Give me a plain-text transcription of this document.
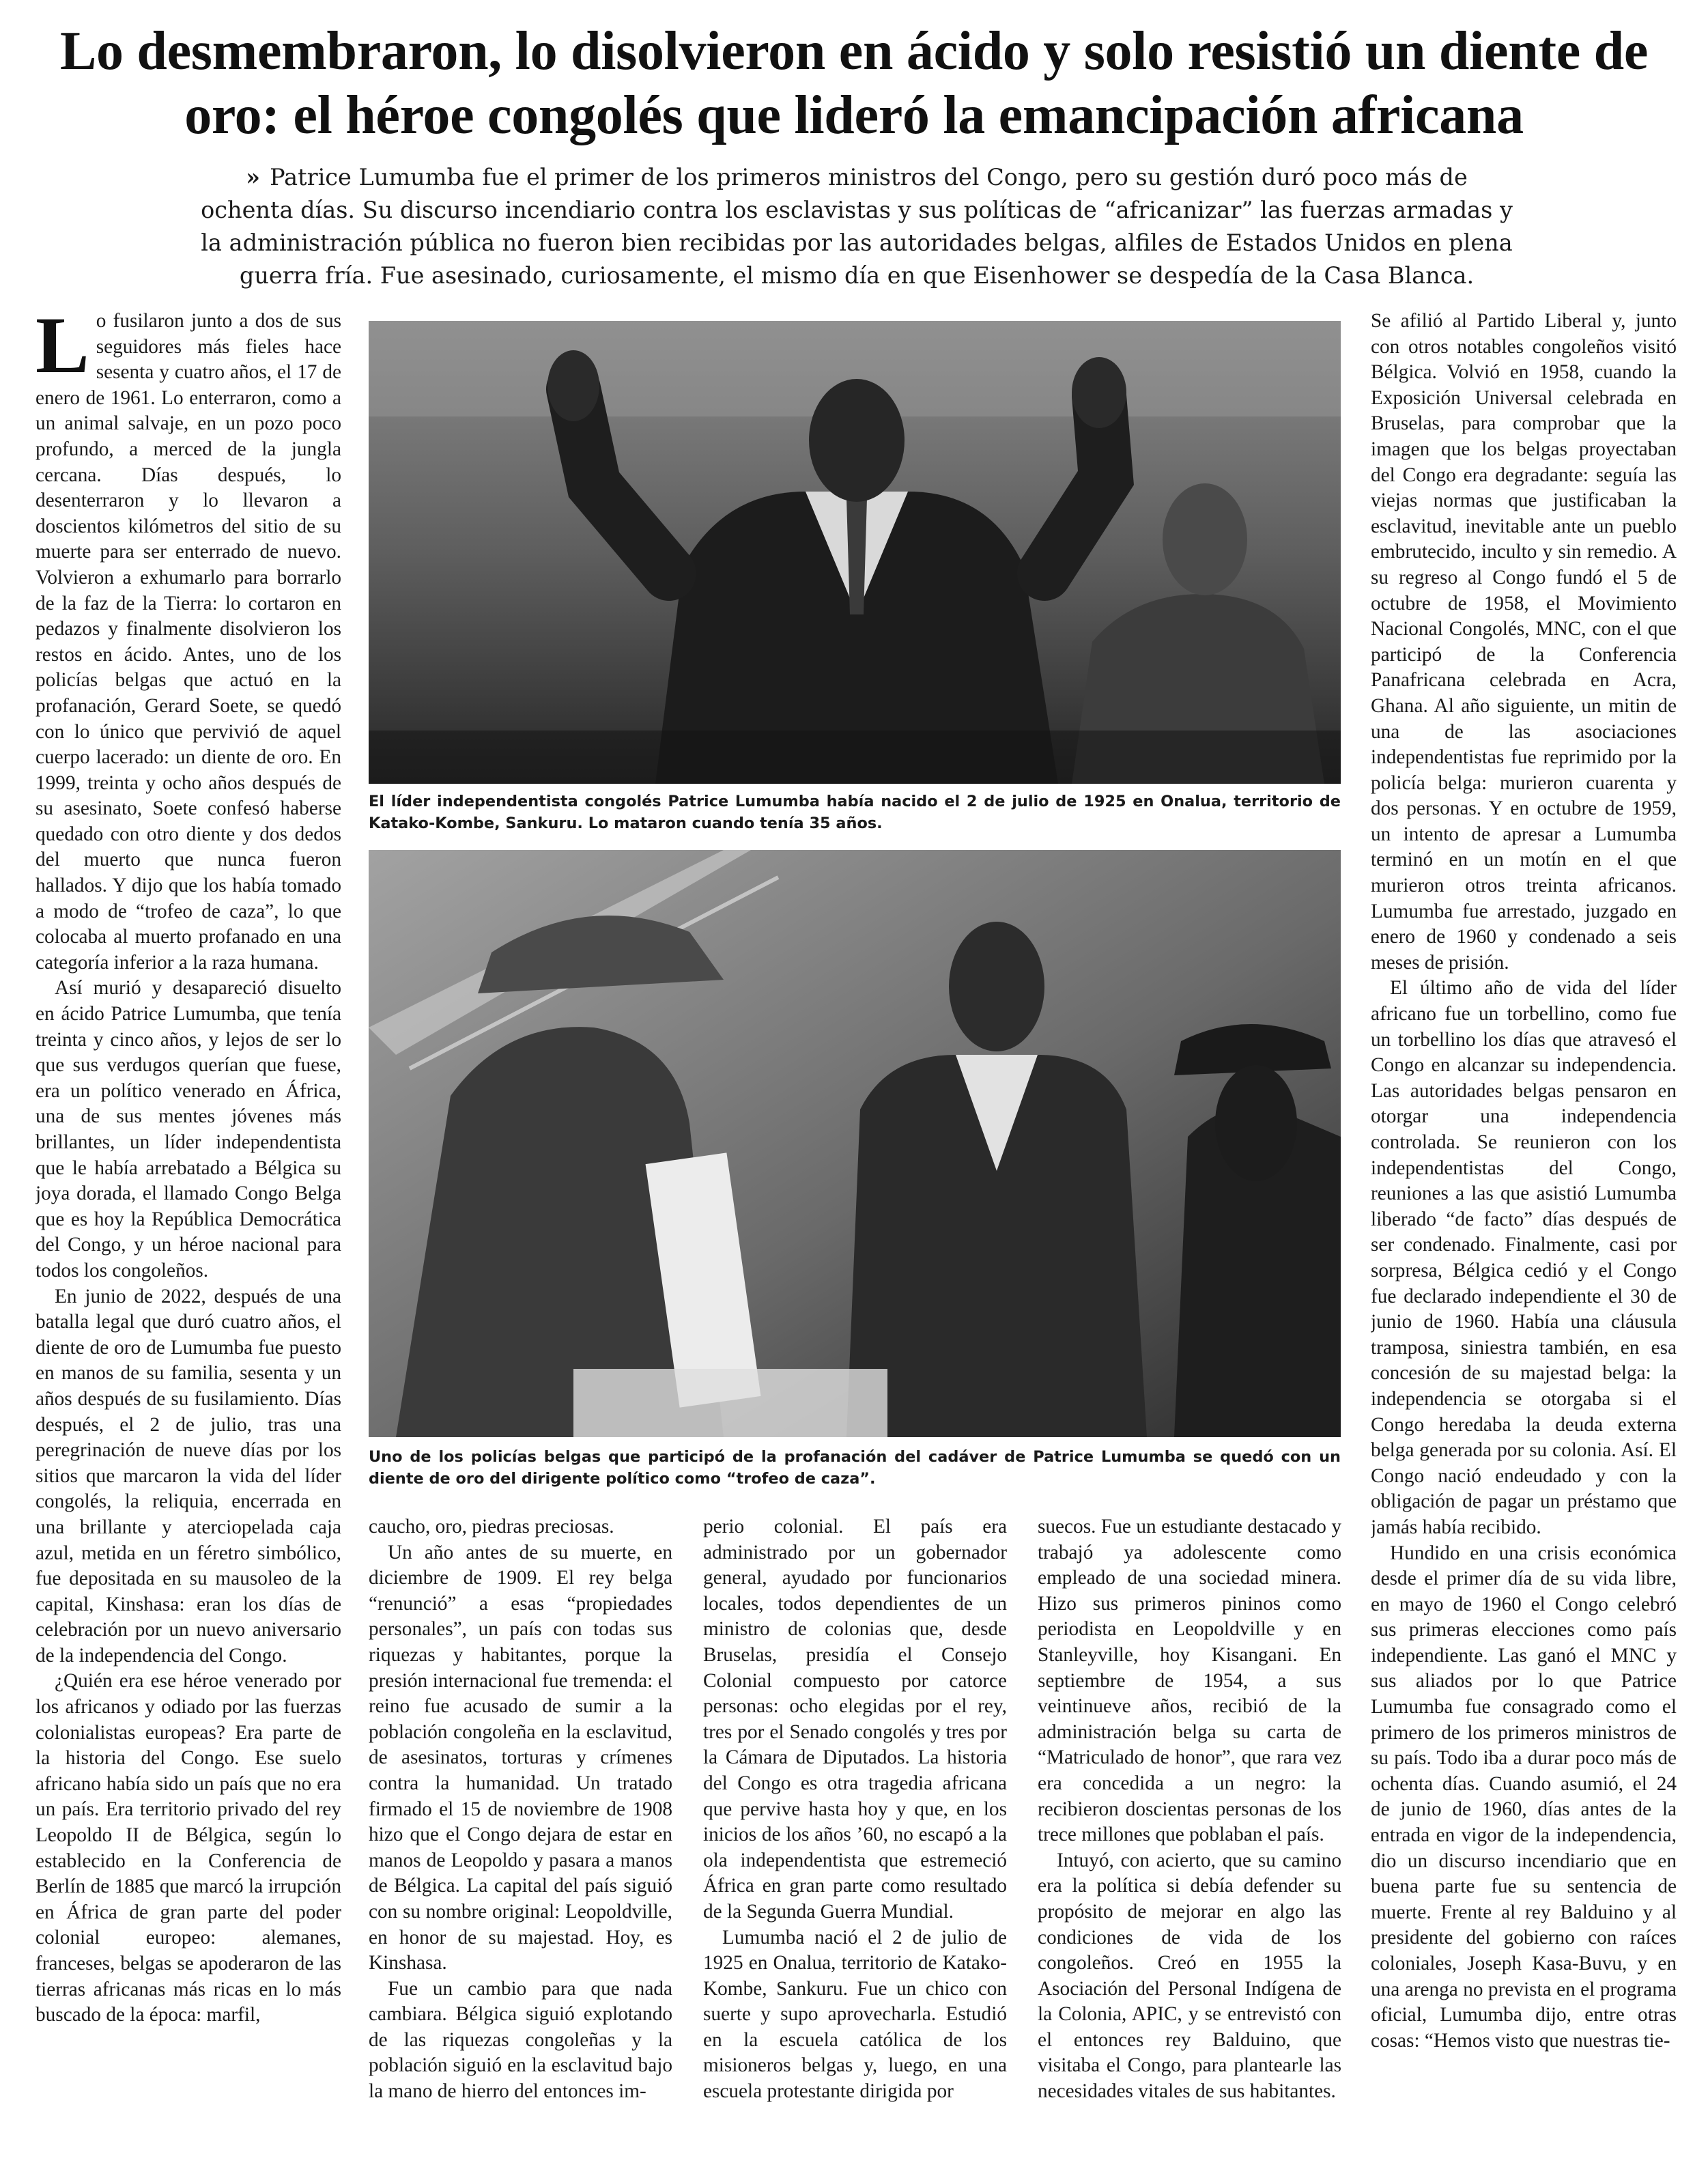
Lo desmembraron, lo disolvieron en ácido y solo resistió un diente de oro: el héroe congolés que lideró la emancipación africana

» Patrice Lumumba fue el primer de los primeros ministros del Congo, pero su gestión duró poco más de ochenta días. Su discurso incendiario contra los esclavistas y sus políticas de “africanizar” las fuerzas armadas y la administración pública no fueron bien recibidas por las autoridades belgas, alfiles de Estados Unidos en plena guerra fría. Fue asesinado, curiosamente, el mismo día en que Eisenhower se despedía de la Casa Blanca.

Lo fusilaron junto a dos de sus seguidores más fieles hace sesenta y cuatro años, el 17 de enero de 1961. Lo enterraron, como a un animal salvaje, en un pozo poco profundo, a merced de la jungla cercana. Días después, lo desenterraron y lo llevaron a doscientos kilómetros del sitio de su muerte para ser enterrado de nuevo. Volvieron a exhumarlo para borrarlo de la faz de la Tierra: lo cortaron en pedazos y finalmente disolvieron los restos en ácido. Antes, uno de los policías belgas que actuó en la profanación, Gerard Soete, se quedó con lo único que pervivió de aquel cuerpo lacerado: un diente de oro. En 1999, treinta y ocho años después de su asesinato, Soete confesó haberse quedado con otro diente y dos dedos del muerto que nunca fueron hallados. Y dijo que los había tomado a modo de “trofeo de caza”, lo que colocaba al muerto profanado en una categoría inferior a la raza humana.

Así murió y desapareció disuelto en ácido Patrice Lumumba, que tenía treinta y cinco años, y lejos de ser lo que sus verdugos querían que fuese, era un político venerado en África, una de sus mentes jóvenes más brillantes, un líder independentista que le había arrebatado a Bélgica su joya dorada, el llamado Congo Belga que es hoy la República Democrática del Congo, y un héroe nacional para todos los congoleños.

En junio de 2022, después de una batalla legal que duró cuatro años, el diente de oro de Lumumba fue puesto en manos de su familia, sesenta y un años después de su fusilamiento. Días después, el 2 de julio, tras una peregrinación de nueve días por los sitios que marcaron la vida del líder congolés, la reliquia, encerrada en una brillante y aterciopelada caja azul, metida en un féretro simbólico, fue depositada en su mausoleo de la capital, Kinshasa: eran los días de celebración por un nuevo aniversario de la independencia del Congo.

¿Quién era ese héroe venerado por los africanos y odiado por las fuerzas colonialistas europeas? Era parte de la historia del Congo. Ese suelo africano había sido un país que no era un país. Era territorio privado del rey Leopoldo II de Bélgica, según lo establecido en la Conferencia de Berlín de 1885 que marcó la irrupción en África de gran parte del poder colonial europeo: alemanes, franceses, belgas se apoderaron de las tierras africanas más ricas en lo más buscado de la época: marfil,

El líder independentista congolés Patrice Lumumba había nacido el 2 de julio de 1925 en Onalua, territorio de Katako-Kombe, Sankuru. Lo mataron cuando tenía 35 años.

Uno de los policías belgas que participó de la profanación del cadáver de Patrice Lumumba se quedó con un diente de oro del dirigente político como “trofeo de caza”.

caucho, oro, piedras preciosas.

Un año antes de su muerte, en diciembre de 1909. El rey belga “renunció” a esas “propiedades personales”, un país con todas sus riquezas y habitantes, porque la presión internacional fue tremenda: el reino fue acusado de sumir a la población congoleña en la esclavitud, de asesinatos, torturas y crímenes contra la humanidad. Un tratado firmado el 15 de noviembre de 1908 hizo que el Congo dejara de estar en manos de Leopoldo y pasara a manos de Bélgica. La capital del país siguió con su nombre original: Leopoldville, en honor de su majestad. Hoy, es Kinshasa.

Fue un cambio para que nada cambiara. Bélgica siguió explotando de las riquezas congoleñas y la población siguió en la esclavitud bajo la mano de hierro del entonces im-

perio colonial. El país era administrado por un gobernador general, ayudado por funcionarios locales, todos dependientes de un ministro de colonias que, desde Bruselas, presidía el Consejo Colonial compuesto por catorce personas: ocho elegidas por el rey, tres por el Senado congolés y tres por la Cámara de Diputados. La historia del Congo es otra tragedia africana que pervive hasta hoy y que, en los inicios de los años ’60, no escapó a la ola independentista que estremeció África en gran parte como resultado de la Segunda Guerra Mundial.

Lumumba nació el 2 de julio de 1925 en Onalua, territorio de Katako-Kombe, Sankuru. Fue un chico con suerte y supo aprovecharla. Estudió en la escuela católica de los misioneros belgas y, luego, en una escuela protestante dirigida por

suecos. Fue un estudiante destacado y trabajó ya adolescente como empleado de una sociedad minera. Hizo sus primeros pininos como periodista en Leopoldville y en Stanleyville, hoy Kisangani. En septiembre de 1954, a sus veintinueve años, recibió de la administración belga su carta de “Matriculado de honor”, que rara vez era concedida a un negro: la recibieron doscientas personas de los trece millones que poblaban el país.

Intuyó, con acierto, que su camino era la política si debía defender su propósito de mejorar en algo las condiciones de vida de los congoleños. Creó en 1955 la Asociación del Personal Indígena de la Colonia, APIC, y se entrevistó con el entonces rey Balduino, que visitaba el Congo, para plantearle las necesidades vitales de sus habitantes.

Se afilió al Partido Liberal y, junto con otros notables congoleños visitó Bélgica. Volvió en 1958, cuando la Exposición Universal celebrada en Bruselas, para comprobar que la imagen que los belgas proyectaban del Congo era degradante: seguía las viejas normas que justificaban la esclavitud, inevitable ante un pueblo embrutecido, inculto y sin remedio. A su regreso al Congo fundó el 5 de octubre de 1958, el Movimiento Nacional Congolés, MNC, con el que participó de la Conferencia Panafricana celebrada en Acra, Ghana. Al año siguiente, un mitin de una de las asociaciones independentistas fue reprimido por la policía belga: murieron cuarenta y dos personas. Y en octubre de 1959, un intento de apresar a Lumumba terminó en un motín en el que murieron otros treinta africanos. Lumumba fue arrestado, juzgado en enero de 1960 y condenado a seis meses de prisión.

El último año de vida del líder africano fue un torbellino, como fue un torbellino los días que atravesó el Congo en alcanzar su independencia. Las autoridades belgas pensaron en otorgar una independencia controlada. Se reunieron con los independentistas del Congo, reuniones a las que asistió Lumumba liberado “de facto” días después de ser condenado. Finalmente, casi por sorpresa, Bélgica cedió y el Congo fue declarado independiente el 30 de junio de 1960. Había una cláusula tramposa, siniestra también, en esa concesión de su majestad belga: la independencia se otorgaba si el Congo heredaba la deuda externa belga generada por su colonia. Así. El Congo nació endeudado y con la obligación de pagar un préstamo que jamás había recibido.

Hundido en una crisis económica desde el primer día de su vida libre, en mayo de 1960 el Congo celebró sus primeras elecciones como país independiente. Las ganó el MNC y sus aliados por lo que Patrice Lumumba fue consagrado como el primero de los primeros ministros de su país. Todo iba a durar poco más de ochenta días. Cuando asumió, el 24 de junio de 1960, días antes de la entrada en vigor de la independencia, dio un discurso incendiario que en buena parte fue su sentencia de muerte. Frente al rey Balduino y al presidente del gobierno con raíces coloniales, Joseph Kasa-Buvu, y en una arenga no prevista en el programa oficial, Lumumba dijo, entre otras cosas: “Hemos visto que nuestras tie-
